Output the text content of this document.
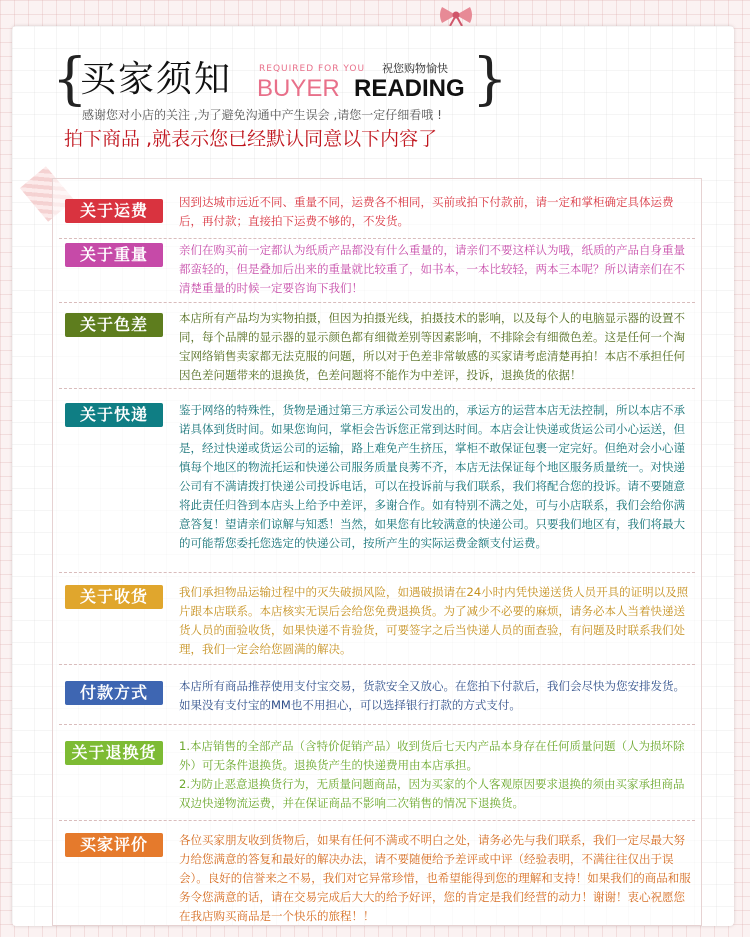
{
买家须知	REQUIRED FOR YOU 祝您购物愉快
BUYER READING }
感谢您对小店的关注 ,为了避免沟通中产生误会 ,请您一定仔细看哦 !
拍下商品 ,就表示您已经默认同意以下内容了
关于运费	因到达城市远近不同、重量不同，运费各不相同，买前或拍下付款前，请一定和掌柜确定具体运费后，再付款；直接拍下运费不够的，不发货。
关于重量	亲们在购买前一定都认为纸质产品都没有什么重量的，请亲们不要这样认为哦，纸质的产品自身重量都蛮轻的，但是叠加后出来的重量就比较重了，如书本，一本比较轻，两本三本呢？所以请亲们在不清楚重量的时候一定要咨询下我们！
关于色差	本店所有产品均为实物拍摄，但因为拍摄光线，拍摄技术的影响，以及每个人的电脑显示器的设置不同，每个品牌的显示器的显示颜色都有细微差别等因素影响，不排除会有细微色差。这是任何一个淘宝网络销售卖家都无法克服的问题，所以对于色差非常敏感的买家请考虑清楚再拍！本店不承担任何因色差问题带来的退换货，色差问题将不能作为中差评，投诉，退换货的依据！
关于快递	鉴于网络的特殊性，货物是通过第三方承运公司发出的，承运方的运营本店无法控制，所以本店不承诺具体到货时间。如果您询问，掌柜会告诉您正常到达时间。本店会让快递或货运公司小心运送，但是，经过快递或货运公司的运输，路上难免产生挤压，掌柜不敢保证包裹一定完好。但绝对会小心谨慎每个地区的物流托运和快递公司服务质量良莠不齐，本店无法保证每个地区服务质量统一。对快递公司有不满请拨打快递公司投诉电话，可以在投诉前与我们联系，我们将配合您的投诉。请不要随意将此责任归咎到本店头上给予中差评，多谢合作。如有特别不满之处，可与小店联系，我们会给你满意答复！望请亲们谅解与知悉！当然，如果您有比较满意的快递公司。只要我们地区有，我们将最大的可能帮您委托您选定的快递公司，按所产生的实际运费金额支付运费。
关于收货	我们承担物品运输过程中的灭失破损风险，如遇破损请在24小时内凭快递送货人员开具的证明以及照片跟本店联系。本店核实无误后会给您免费退换货。为了减少不必要的麻烦，请务必本人当着快递送货人员的面验收货，如果快递不肯验货，可要签字之后当快递人员的面查验，有问题及时联系我们处理，我们一定会给您圆满的解决。
付款方式	本店所有商品推荐使用支付宝交易，货款安全又放心。在您拍下付款后，我们会尽快为您安排发货。如果没有支付宝的MM也不用担心，可以选择银行打款的方式支付。
关于退换货	1.本店销售的全部产品（含特价促销产品）收到货后七天内产品本身存在任何质量问题（人为损坏除外）可无条件退换货。退换货产生的快递费用由本店承担。
2.为防止恶意退换货行为，无质量问题商品，因为买家的个人客观原因要求退换的须由买家承担商品双边快递物流运费，并在保证商品不影响二次销售的情况下退换货。
买家评价	各位买家朋友收到货物后，如果有任何不满或不明白之处，请务必先与我们联系，我们一定尽最大努力给您满意的答复和最好的解决办法，请不要随便给予差评或中评（经验表明，不满往往仅出于误会）。良好的信誉来之不易，我们对它异常珍惜，也希望能得到您的理解和支持！如果我们的商品和服务令您满意的话，请在交易完成后大大的给予好评，您的肯定是我们经营的动力！谢谢！衷心祝愿您在我店购买商品是一个快乐的旅程！！
